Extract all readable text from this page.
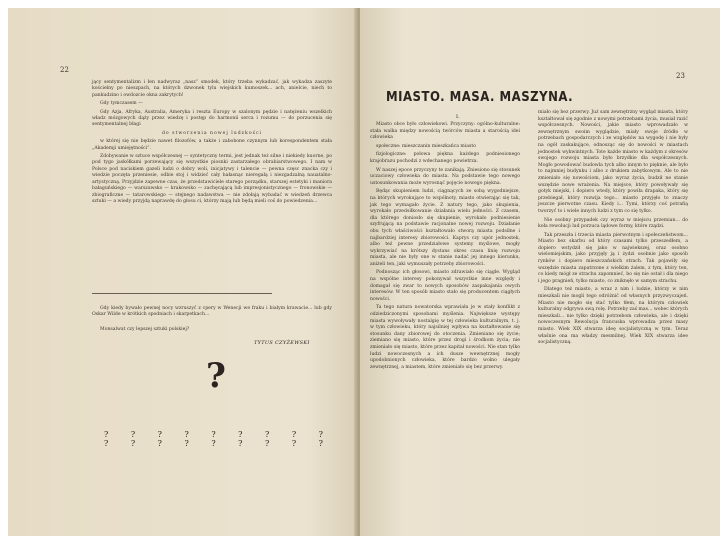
22

jący sentymentalizm i łen nadwyraz „nasz” smodek, który trzeba wykadzać, jak wykadza zaszyte kościelny po nieszpach, na których dzwonek tylu wiejskich kumoszek... ach, anielcie, niech to pankudzino i owdozcie okna zakrytych!

Gdy tymczasem —

Gdy Azja, Afryka, Australia, Ameryka i reszta Europy w szalonym pędzie i natężeniu wszelkich władz mózgowych dąży przez wiedzę i postęp do harmonii serca i rozumu — do porzucenia się sentymentalnej błagi

do stworzenia nowej ludzkości

w której się nie będzie nawet filozofów, a także i zabobone czynnym lub korespondentem stała „Akademji umiejętności”.

Zdobywanie w sztuce współczesnej — syntetyczny termi, jest jednak też silne i niekiedy kuorne, po pod tygo jaskółkami porzewający się wszystkie piosnki zastarzałego obrabiarstwowego. I nam w Polsce pod naciskiem gazeli ludzi o dobry woli, inicjatywy i talencie — pewna częsc znacka czy i wiedzie poczęta przeniesie, odbie stoj i widzieć cały hałasnąc nieregałą i niezgadzalną nauatalno-artystyczną. Przyjdzie zapewne czas, że przedstawiciele starego porządku, starszej estetyki i maniora bałaguńskiego — warszawsko — krakowsko — zachęcającą lub impresjonistycznego — fronowskie — zbiograficzne — tatarowskiego — stejnego nadawstwa — nie zdołają wybadać w wiedzeń drzewca sztuki — a wiedy przyjdą naprawdę do głosu ci, którzy mają lub będą mieli coś do powiedzenia...

Gdy kiedy bywało pewnej nocy wzruszyć z cpery w Wenecji we fraku i białym krawacie... lub gdy Oskar Wilde w krótkich spodniach i skarpetkach...

Monsalwat czy lepszej sztuki polskiej?

TYTUS CZYŻEWSKI
?
? ? ? ? ? ? ? ? ? ? ? ? ? ? ? ? ? ?
23
MIASTO. MASA. MASZYNA.
I.

Miasto obce było człowiekowi. Przyczyny: ogólno-kulturalne: stała walka między nowością twórców miasta a starością idei człowieka

społeczne: mieszczanin mieszkańca miasto

fizjologiczne: połowa piękna każdego podniesionego krajobrazu pochodzi z wdechanego powietrza.

W naszej epoce przyczyny te zanikają. Zniesiono się stosunek uczaciowy człowieka do miasta. Na podstawie tego nowego ustosunkowania może wyrosnąć pojęcie nowego piękna.

Będąc skupieniem ludzi, ciągnących ze sobą wygodniejsze, na których wyrokujące to wspólnoty, miasto otwierając się tak, jak tego wymagało życie. Z natury tego, jako skupienia, wyrokało przedsiłkowanie działania wielu jedności. Z czasem, dla którego doniosło się skupienie, wyrokało podniesienie szyfrującą na podstawie racjonalne nowej rozwoju. Działanie obu tych właściwości kształtowało stworą miasta podsiłne i najbardziej interesy zbiorowości. Kaprys czy upór jednostek, albo też pewne przedziałowe systemy myślowe, mogły wykrzywiać na krótszy dystans okres czasu linię rozwoju miasta, ale nie były one w stanie nadać jej innego kierunku, aniżeli ten, jaki wymuszały potrzeby zbiorowości.

Podnosząc ich głosowi, miasto zdrawiało się ciągle. Wygląd na wspólne interesy pokonywał wszystkie inne względy i domagał się zwar to nowych sposobów zaspakajania owych interesów. W ten sposób miasto stało się producentem ciągłych nowości.

Ta tego natura nowatorska wprawiała je w stały konflikt z odziedziczonymi sposobami myślenia. Największe występy miasta wywoływały nostalgię w tej człowieka kulturalnym, t. j. w tym człowieku, który najsilniej wpływa na kształtowanie się stosunku dany zbiorowej do otoczenia. Zmieniano się życie; ziemiano się miasto, które przez drogi i środkom życia; nie zmieniało się miasto, które przez kapitał nowości. Nie stan tylko ludzi nowoczesnych a ich dusze wewnętrznej mogły upodobnionych człowieka, które bardzo wolno ulegały zewnętrznej, a miastem, które zmieniało się bez przerwy.

miało się bez przerwy. Już sam zewnętrzny wygląd miasta, który kształtował się zgodnie z nowymi potrzebami życia, musiał razić współczesnych. Nowości, jakie miasto wprowadzało w zewnętrznym swoim wyglądzie, miały swoje źródło w potrzebach gospodarczych i ze względów na wygodę i nie były na ogół zaskakujące, odnosząc się do nowości w miastach jednostek wykwintnych. Tote każde miasto w każdym z okresów swojego rozwoju miasta było brzydkie dla współczesnych. Mogło powodować budowla tych albo innym to pięknie, ale było to najmniej budynku i albo z drukiem zabytkowym. Ale to nie zmieniało się nowościom, jako wyraz życia, budził ne stanie wszędzie nowe wrażenia. Na miejsce, który powoływały się gotyk miejski, i dopiero wtedy, który powiła drapaka, który się przebiegał, który rozwija tego... miasto przyjęło to znaczy jeszcze pierwotne czasu. Kiedy i... Tymi, którzy coś potrafią tworzyć to i wiele innych ludzi z tym co się tylko.

Nie osobny przypadek czy wyraz w miejscu przemian... do koła rewolucji lud porzuca lądowe formy, które rządzi.

Tak przeszła i trzecia miasta pierwotnym i społeczeństwom... Miasto bez skarbu od który czasami tylko przeszedłem, a dopiero wstydził się jako w najwiekszej, oraz osobno wielomiejskim, jako przyjęły ją i żydzi osobnie jako sposób rynków i dopiero mieszczańskich strach. Tak pojawiły się wszędzie miasta zapatrzone z wielkim żalem, z tym, który ten, co kiedy mógł ze strachu zapomnieć, bo się nie ostał i dla niego i jego pragnień, tylko miasto, co zniknęło w samym strachu.

Dlatego też miasto, a wraz z nim i ludzie, którzy w nim mieszkali nie mogli tego odróżnić od własnych przyzwyczajeń. Miasto nie mogło się stać tylko tłem, na którym człowiek kulturalny odgrywa swą rolę. Potrzeby zaś mas... wobec których mieszkali... nie tylko dzięki potrzebom człowieka, ale i dzięki nowoczesnym Rewolucja francuska wprowadza przez masy miasto. Wiek XIX stwarza ideę socjalistyczną w tym. Teraz właśnie ona ma władzy mesmilnej. Wiek XIX stwarza idee socjalistyczną.
